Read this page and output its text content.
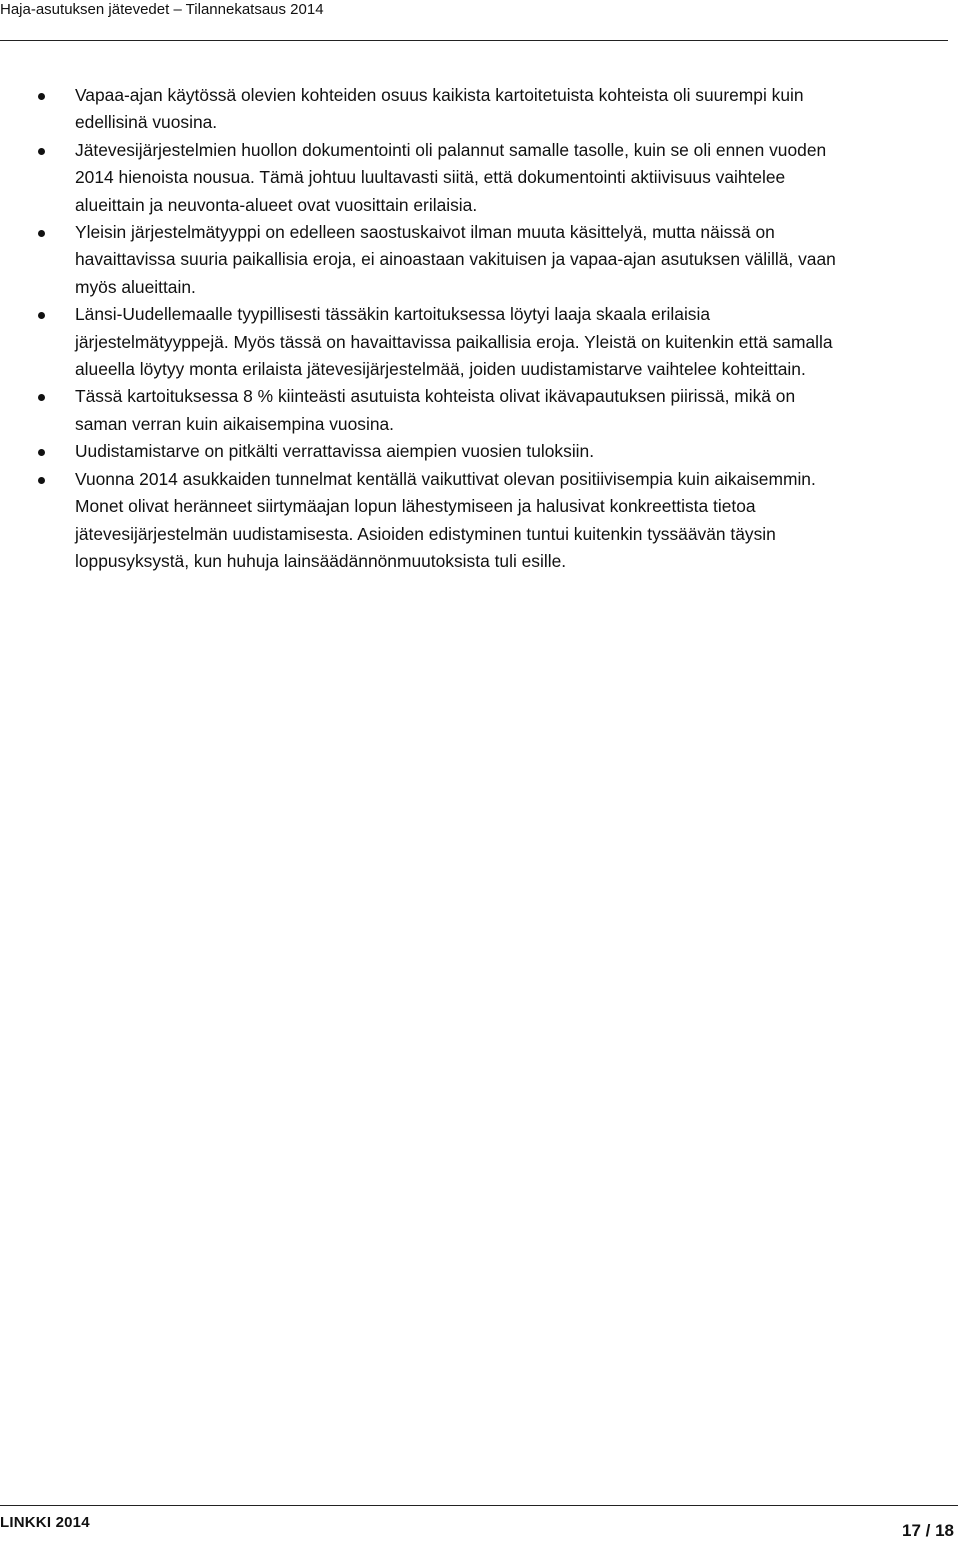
Haja-asutuksen jätevedet – Tilannekatsaus 2014
Vapaa-ajan käytössä olevien kohteiden osuus kaikista kartoitetuista kohteista oli suurempi kuin
edellisinä vuosina.
Jätevesijärjestelmien huollon dokumentointi oli palannut samalle tasolle, kuin se oli ennen vuoden
2014 hienoista nousua. Tämä johtuu luultavasti siitä, että dokumentointi aktiivisuus vaihtelee
alueittain ja neuvonta-alueet ovat vuosittain erilaisia.
Yleisin järjestelmätyyppi on edelleen saostuskaivot ilman muuta käsittelyä, mutta näissä on
havaittavissa suuria paikallisia eroja, ei ainoastaan vakituisen ja vapaa-ajan asutuksen välillä, vaan
myös alueittain.
Länsi-Uudellemaalle tyypillisesti tässäkin kartoituksessa löytyi laaja skaala erilaisia
järjestelmätyyppejä. Myös tässä on havaittavissa paikallisia eroja. Yleistä on kuitenkin että samalla
alueella löytyy monta erilaista jätevesijärjestelmää, joiden uudistamistarve vaihtelee kohteittain.
Tässä kartoituksessa 8 % kiinteästi asutuista kohteista olivat ikävapautuksen piirissä, mikä on
saman verran kuin aikaisempina vuosina.
Uudistamistarve on pitkälti verrattavissa aiempien vuosien tuloksiin.
Vuonna 2014 asukkaiden tunnelmat kentällä vaikuttivat olevan positiivisempia kuin aikaisemmin.
Monet olivat heränneet siirtymäajan lopun lähestymiseen ja halusivat konkreettista tietoa
jätevesijärjestelmän uudistamisesta. Asioiden edistyminen tuntui kuitenkin tyssäävän täysin
loppusyksystä, kun huhuja lainsäädännönmuutoksista tuli esille.
LINKKI 2014	17 / 18
